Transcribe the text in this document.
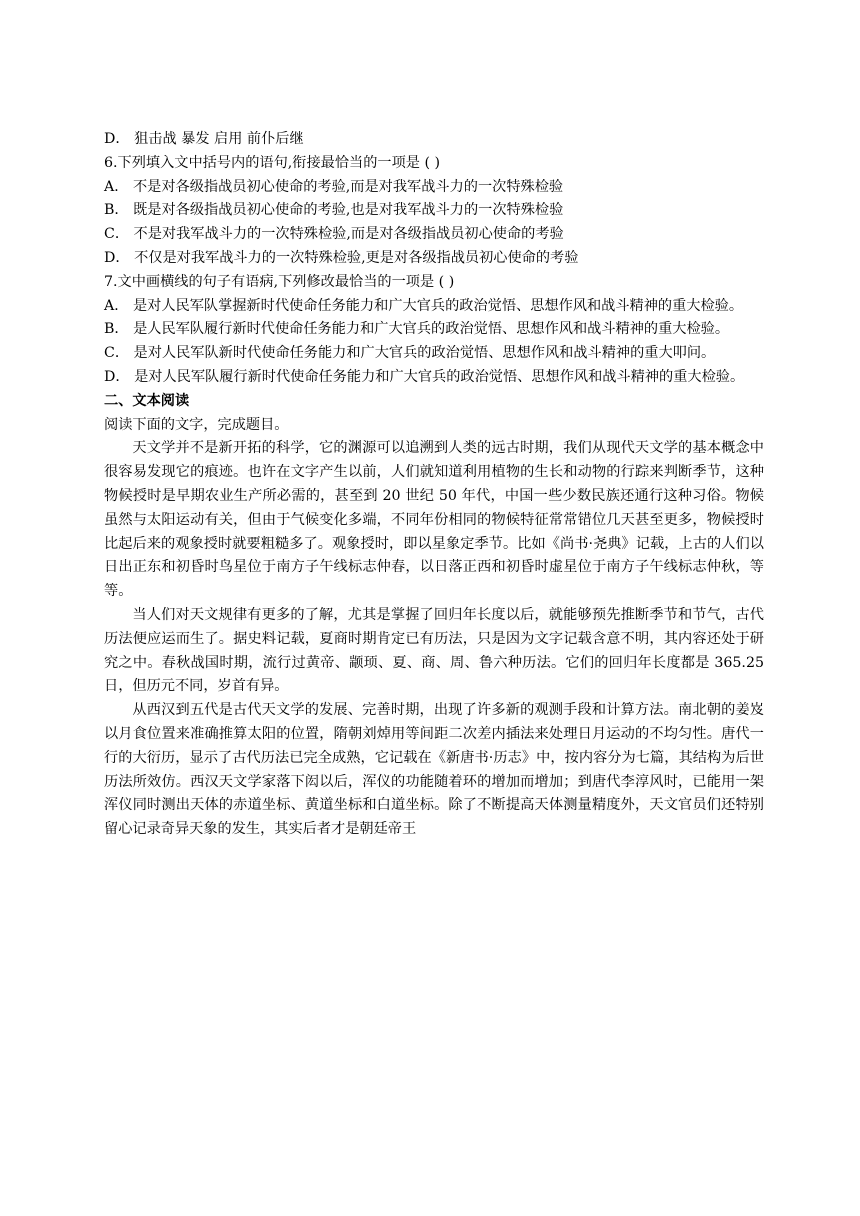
D． 狙击战 暴发 启用 前仆后继
6.下列填入文中括号内的语句,衔接最恰当的一项是 ( )
A． 不是对各级指战员初心使命的考验,而是对我军战斗力的一次特殊检验
B． 既是对各级指战员初心使命的考验,也是对我军战斗力的一次特殊检验
C． 不是对我军战斗力的一次特殊检验,而是对各级指战员初心使命的考验
D． 不仅是对我军战斗力的一次特殊检验,更是对各级指战员初心使命的考验
7.文中画横线的句子有语病,下列修改最恰当的一项是 ( )
A． 是对人民军队掌握新时代使命任务能力和广大官兵的政治觉悟、思想作风和战斗精神的重大检验。
B． 是人民军队履行新时代使命任务能力和广大官兵的政治觉悟、思想作风和战斗精神的重大检验。
C． 是对人民军队新时代使命任务能力和广大官兵的政治觉悟、思想作风和战斗精神的重大叩问。
D． 是对人民军队履行新时代使命任务能力和广大官兵的政治觉悟、思想作风和战斗精神的重大检验。
二、文本阅读
阅读下面的文字，完成题目。
天文学并不是新开拓的科学，它的渊源可以追溯到人类的远古时期，我们从现代天文学的基本概念中很容易发现它的痕迹。也许在文字产生以前，人们就知道利用植物的生长和动物的行踪来判断季节，这种物候授时是早期农业生产所必需的，甚至到 20 世纪 50 年代，中国一些少数民族还通行这种习俗。物候虽然与太阳运动有关，但由于气候变化多端，不同年份相同的物候特征常常错位几天甚至更多，物候授时比起后来的观象授时就要粗糙多了。观象授时，即以星象定季节。比如《尚书·尧典》记载，上古的人们以日出正东和初昏时鸟星位于南方子午线标志仲春，以日落正西和初昏时虚星位于南方子午线标志仲秋，等等。
当人们对天文规律有更多的了解，尤其是掌握了回归年长度以后，就能够预先推断季节和节气，古代历法便应运而生了。据史料记载，夏商时期肯定已有历法，只是因为文字记载含意不明，其内容还处于研究之中。春秋战国时期，流行过黄帝、颛顼、夏、商、周、鲁六种历法。它们的回归年长度都是 365.25 日，但历元不同，岁首有异。
从西汉到五代是古代天文学的发展、完善时期，出现了许多新的观测手段和计算方法。南北朝的姜岌以月食位置来准确推算太阳的位置，隋朝刘焯用等间距二次差内插法来处理日月运动的不均匀性。唐代一行的大衍历，显示了古代历法已完全成熟，它记载在《新唐书·历志》中，按内容分为七篇，其结构为后世历法所效仿。西汉天文学家落下闳以后，浑仪的功能随着环的增加而增加；到唐代李淳风时，已能用一架浑仪同时测出天体的赤道坐标、黄道坐标和白道坐标。除了不断提高天体测量精度外，天文官员们还特别留心记录奇异天象的发生，其实后者才是朝廷帝王
